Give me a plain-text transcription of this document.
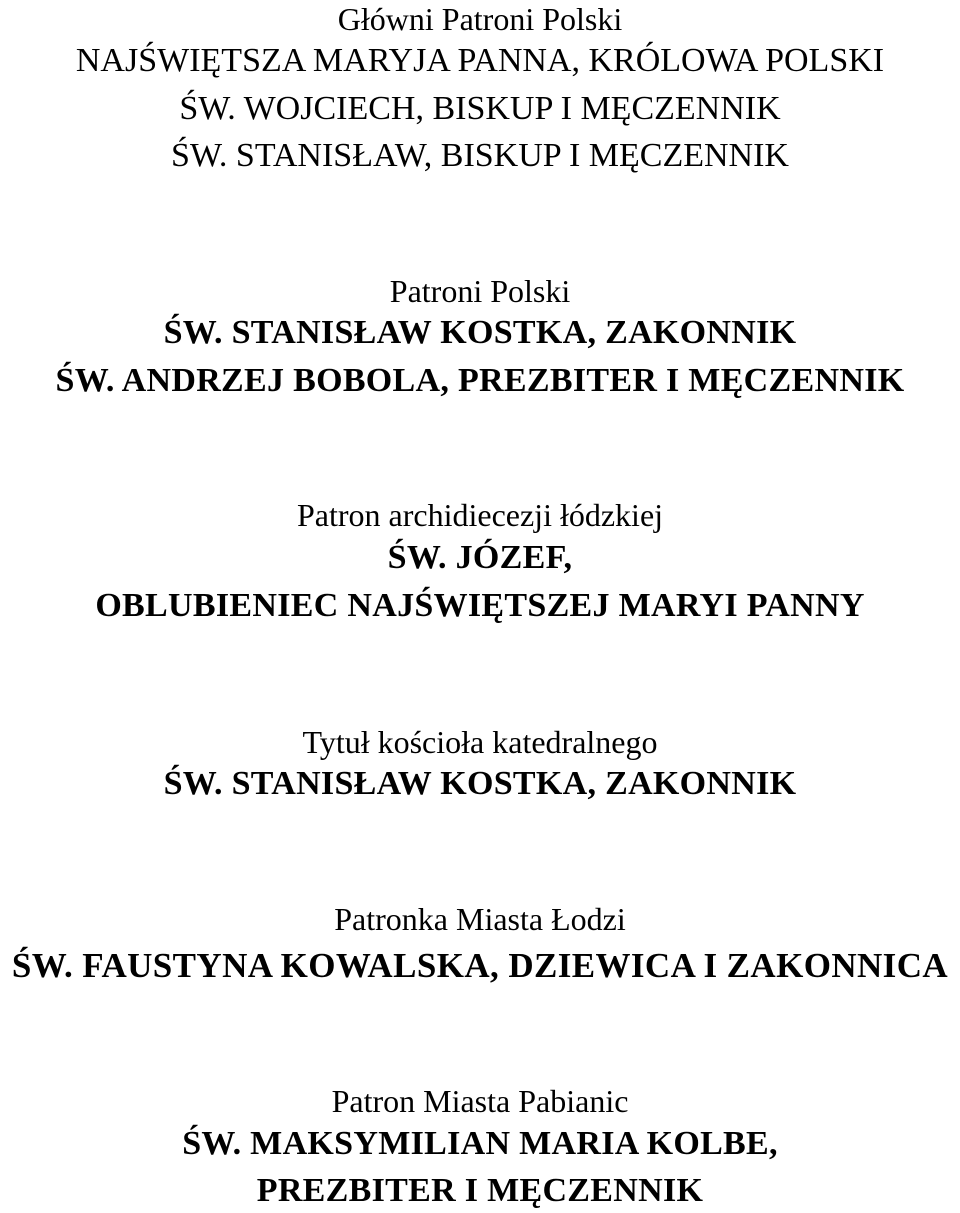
Główni Patroni Polski
NAJŚWIĘTSZA MARYJA PANNA, KRÓLOWA POLSKI
ŚW. WOJCIECH, BISKUP I MĘCZENNIK
ŚW. STANISŁAW, BISKUP I MĘCZENNIK
Patroni Polski
ŚW. STANISŁAW KOSTKA, ZAKONNIK
ŚW. ANDRZEJ BOBOLA, PREZBITER I MĘCZENNIK
Patron archidiecezji łódzkiej
ŚW. JÓZEF,
OBLUBIENIEC NAJŚWIĘTSZEJ MARYI PANNY
Tytuł kościoła katedralnego
ŚW. STANISŁAW KOSTKA, ZAKONNIK
Patronka Miasta Łodzi
ŚW. FAUSTYNA KOWALSKA, DZIEWICA I ZAKONNICA
Patron Miasta Pabianic
ŚW. MAKSYMILIAN MARIA KOLBE,
PREZBITER I MĘCZENNIK
